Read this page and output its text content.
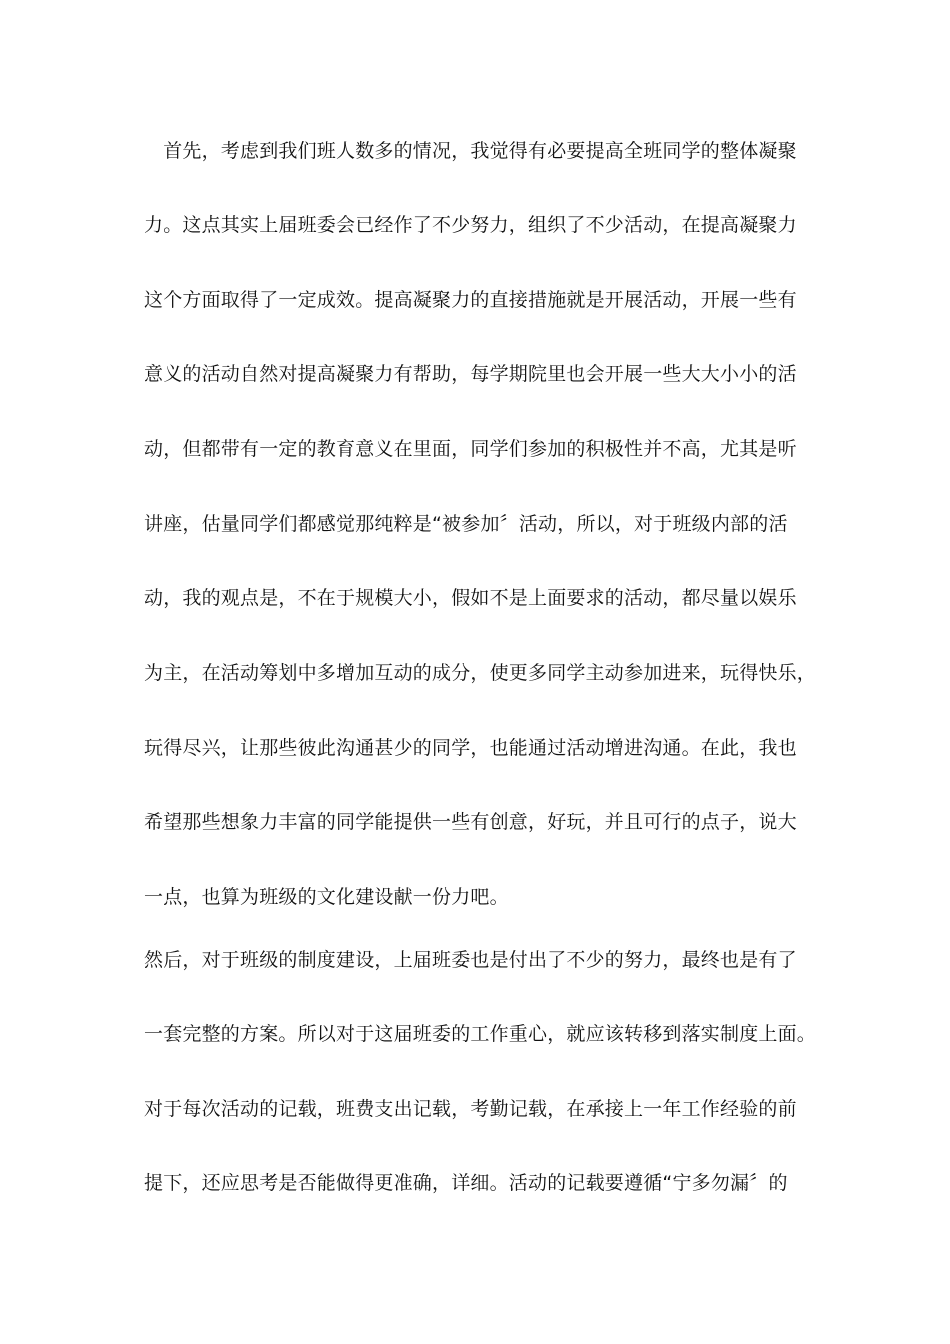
　首先，考虑到我们班人数多的情况，我觉得有必要提高全班同学的整体凝聚
力。这点其实上届班委会已经作了不少努力，组织了不少活动，在提高凝聚力
这个方面取得了一定成效。提高凝聚力的直接措施就是开展活动，开展一些有
意义的活动自然对提高凝聚力有帮助，每学期院里也会开展一些大大小小的活
动，但都带有一定的教育意义在里面，同学们参加的积极性并不高，尤其是听
讲座，估量同学们都感觉那纯粹是“被参加〞活动，所以，对于班级内部的活
动，我的观点是，不在于规模大小，假如不是上面要求的活动，都尽量以娱乐
为主，在活动筹划中多增加互动的成分，使更多同学主动参加进来，玩得快乐，
玩得尽兴，让那些彼此沟通甚少的同学，也能通过活动增进沟通。在此，我也
希望那些想象力丰富的同学能提供一些有创意，好玩，并且可行的点子，说大
一点，也算为班级的文化建设献一份力吧。
然后，对于班级的制度建设，上届班委也是付出了不少的努力，最终也是有了
一套完整的方案。所以对于这届班委的工作重心，就应该转移到落实制度上面。
对于每次活动的记载，班费支出记载，考勤记载，在承接上一年工作经验的前
提下，还应思考是否能做得更准确，详细。活动的记载要遵循“宁多勿漏〞的
